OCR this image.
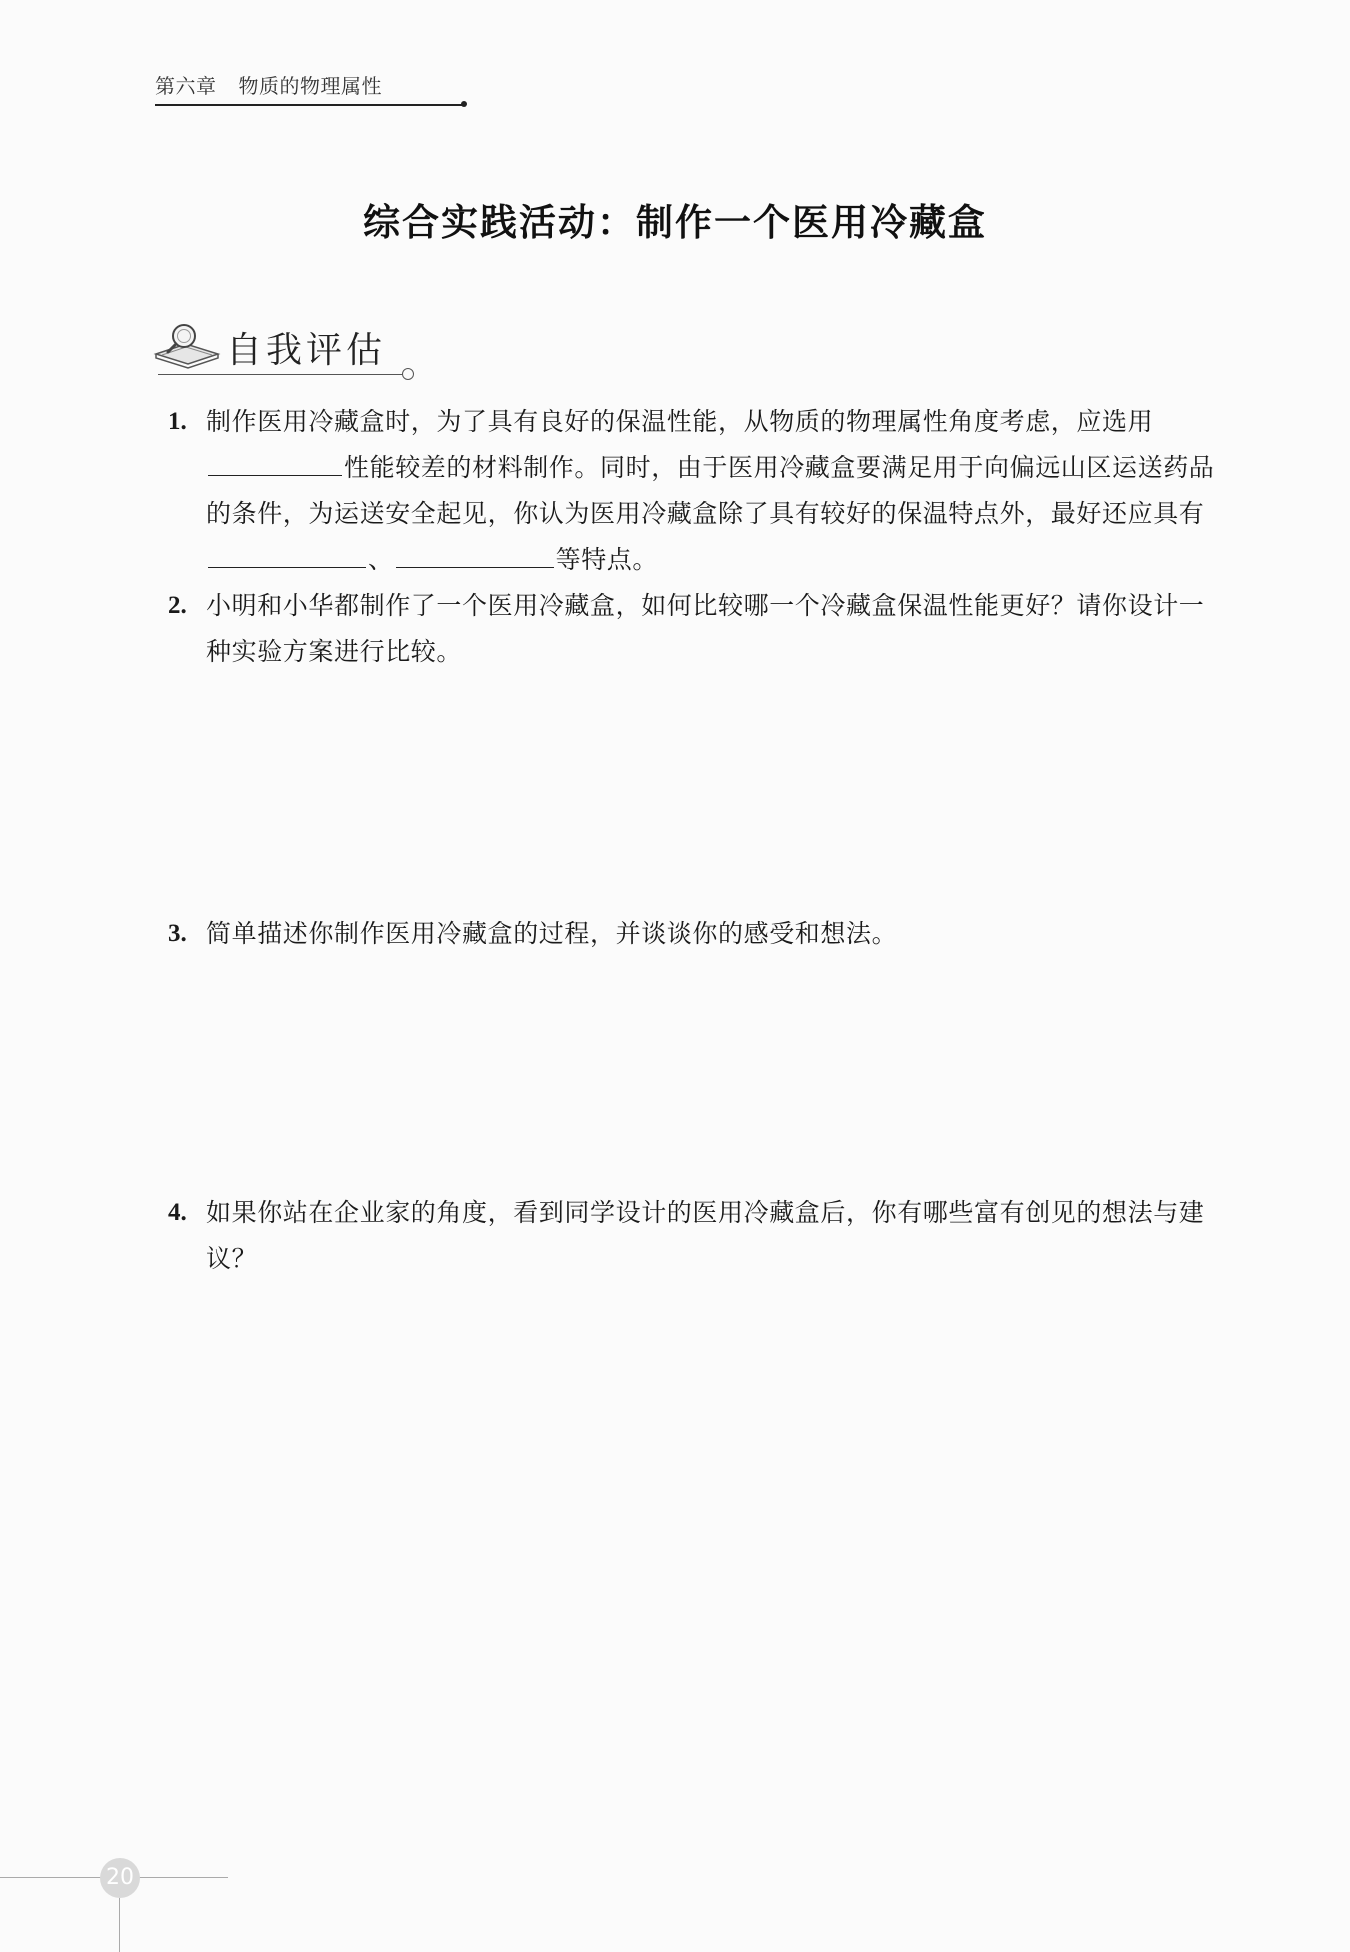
第六章 物质的物理属性
综合实践活动：制作一个医用冷藏盒
自我评估
1. 制作医用冷藏盒时，为了具有良好的保温性能，从物质的物理属性角度考虑，应选用性能较差的材料制作。同时，由于医用冷藏盒要满足用于向偏远山区运送药品的条件，为运送安全起见，你认为医用冷藏盒除了具有较好的保温特点外，最好还应具有、	等特点。
2. 小明和小华都制作了一个医用冷藏盒，如何比较哪一个冷藏盒保温性能更好？请你设计一种实验方案进行比较。
3. 简单描述你制作医用冷藏盒的过程，并谈谈你的感受和想法。
4. 如果你站在企业家的角度，看到同学设计的医用冷藏盒后，你有哪些富有创见的想法与建议？
20
